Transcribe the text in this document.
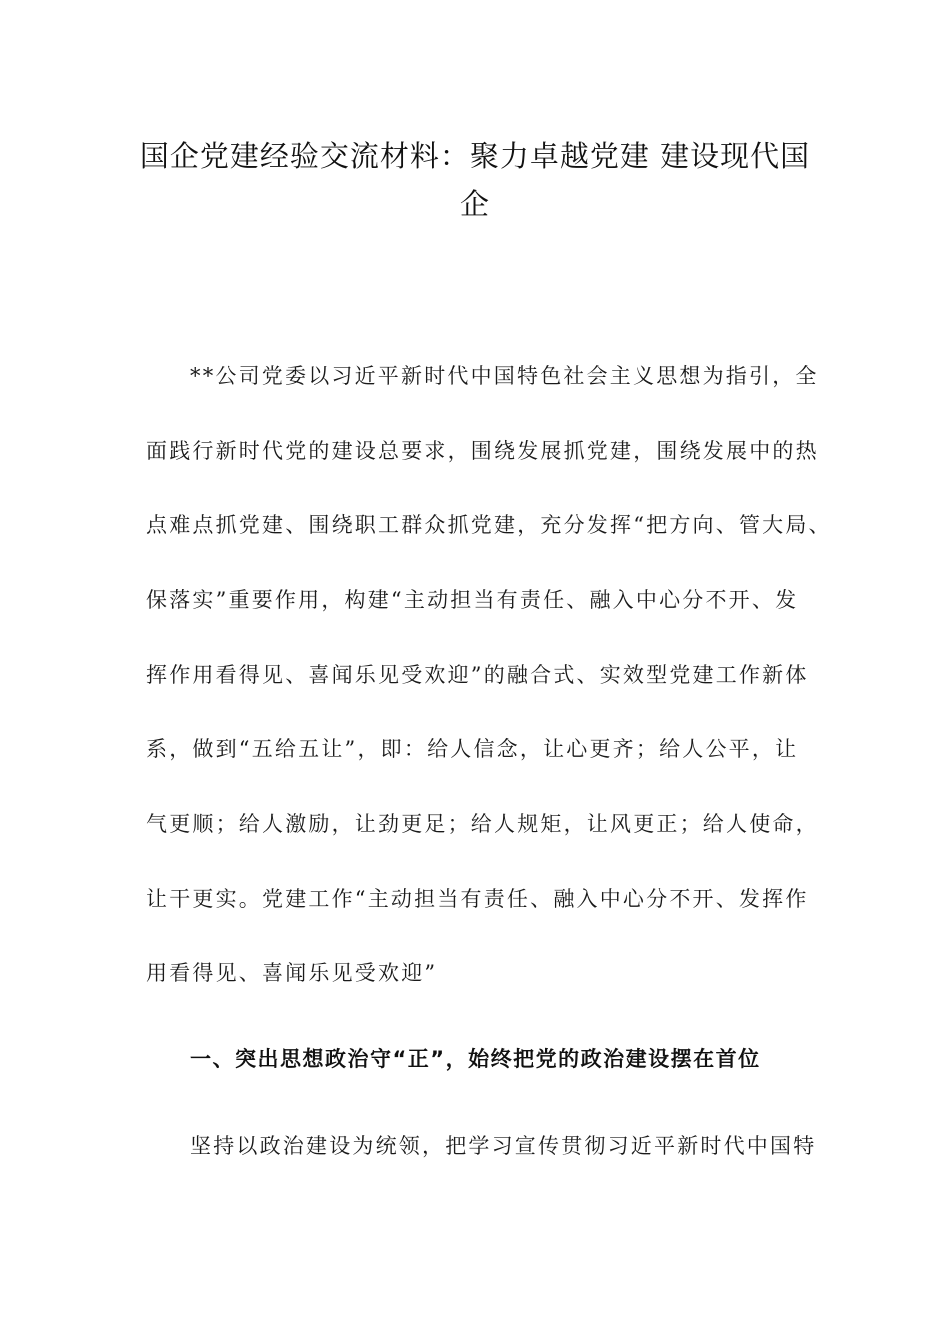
国企党建经验交流材料：聚力卓越党建 建设现代国
企
**公司党委以习近平新时代中国特色社会主义思想为指引，全
面践行新时代党的建设总要求，围绕发展抓党建，围绕发展中的热
点难点抓党建、围绕职工群众抓党建，充分发挥“把方向、管大局、
保落实”重要作用，构建“主动担当有责任、融入中心分不开、发
挥作用看得见、喜闻乐见受欢迎”的融合式、实效型党建工作新体
系，做到“五给五让”，即：给人信念，让心更齐；给人公平，让
气更顺；给人激励，让劲更足；给人规矩，让风更正；给人使命，
让干更实。党建工作“主动担当有责任、融入中心分不开、发挥作
用看得见、喜闻乐见受欢迎”
一、突出思想政治守“正”，始终把党的政治建设摆在首位
坚持以政治建设为统领，把学习宣传贯彻习近平新时代中国特
